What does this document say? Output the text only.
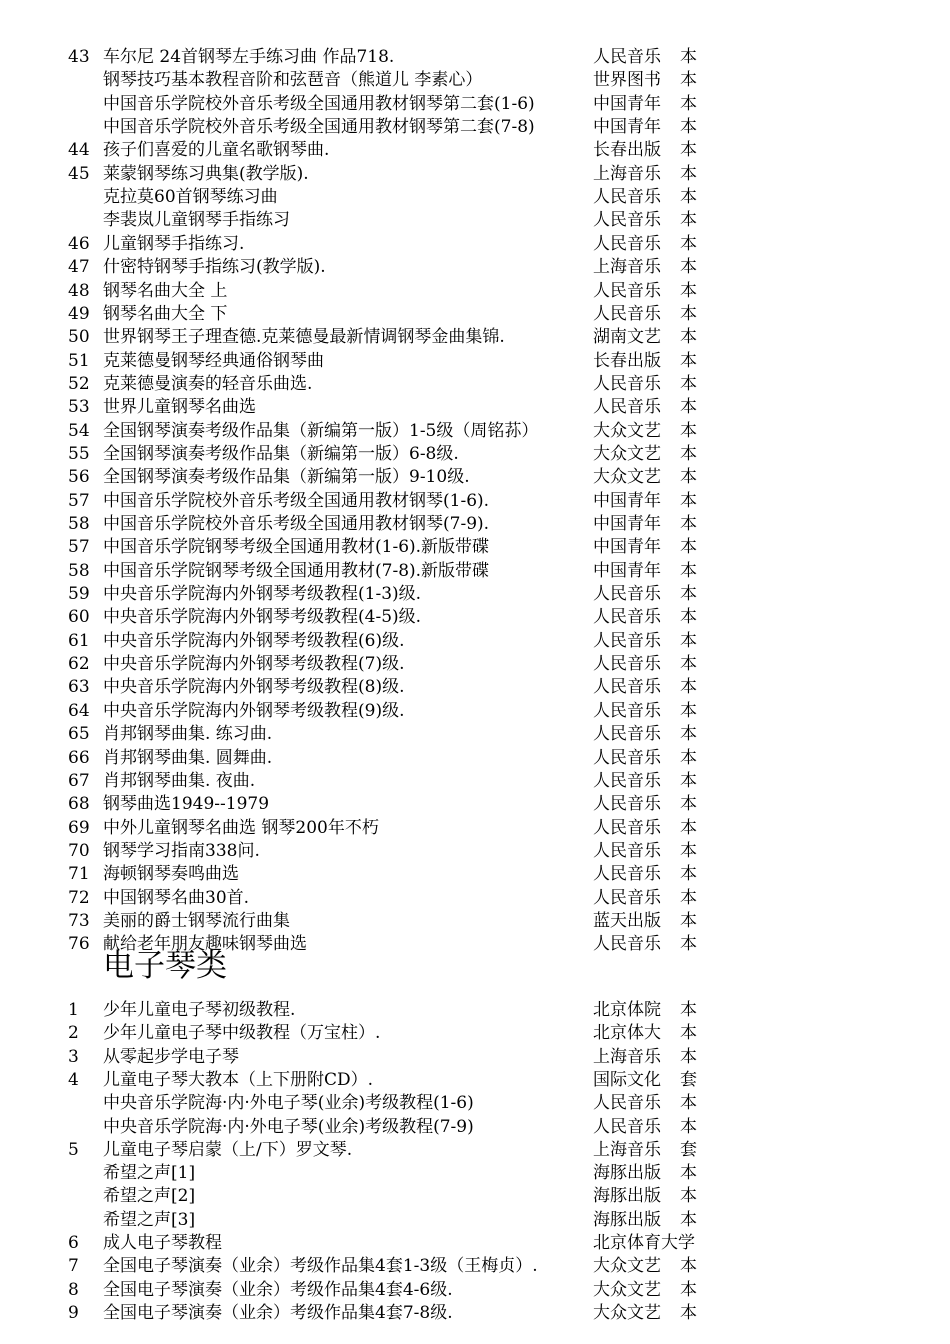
43 车尔尼 24首钢琴左手练习曲 作品718.	人民音乐 本
钢琴技巧基本教程音阶和弦琶音（熊道儿 李素心）	世界图书 本
中国音乐学院校外音乐考级全国通用教材钢琴第二套(1-6)	中国青年 本
中国音乐学院校外音乐考级全国通用教材钢琴第二套(7-8)	中国青年 本
44 孩子们喜爱的儿童名歌钢琴曲.	长春出版 本
45 莱蒙钢琴练习典集(教学版).	上海音乐 本
克拉莫60首钢琴练习曲	人民音乐 本
李裴岚儿童钢琴手指练习	人民音乐 本
46 儿童钢琴手指练习.	人民音乐 本
47 什密特钢琴手指练习(教学版).	上海音乐 本
48 钢琴名曲大全 上	人民音乐 本
49 钢琴名曲大全 下	人民音乐 本
50 世界钢琴王子理查德.克莱德曼最新情调钢琴金曲集锦.	湖南文艺 本
51 克莱德曼钢琴经典通俗钢琴曲	长春出版 本
52 克莱德曼演奏的轻音乐曲选.	人民音乐 本
53 世界儿童钢琴名曲选	人民音乐 本
54 全国钢琴演奏考级作品集（新编第一版）1-5级（周铭荪）	大众文艺 本
55 全国钢琴演奏考级作品集（新编第一版）6-8级.	大众文艺 本
56 全国钢琴演奏考级作品集（新编第一版）9-10级.	大众文艺 本
57 中国音乐学院校外音乐考级全国通用教材钢琴(1-6).	中国青年 本
58 中国音乐学院校外音乐考级全国通用教材钢琴(7-9).	中国青年 本
57 中国音乐学院钢琴考级全国通用教材(1-6).新版带碟	中国青年 本
58 中国音乐学院钢琴考级全国通用教材(7-8).新版带碟	中国青年 本
59 中央音乐学院海内外钢琴考级教程(1-3)级.	人民音乐 本
60 中央音乐学院海内外钢琴考级教程(4-5)级.	人民音乐 本
61 中央音乐学院海内外钢琴考级教程(6)级.	人民音乐 本
62 中央音乐学院海内外钢琴考级教程(7)级.	人民音乐 本
63 中央音乐学院海内外钢琴考级教程(8)级.	人民音乐 本
64 中央音乐学院海内外钢琴考级教程(9)级.	人民音乐 本
65 肖邦钢琴曲集. 练习曲.	人民音乐 本
66 肖邦钢琴曲集. 圆舞曲.	人民音乐 本
67 肖邦钢琴曲集. 夜曲.	人民音乐 本
68 钢琴曲选1949--1979	人民音乐 本
69 中外儿童钢琴名曲选 钢琴200年不朽	人民音乐 本
70 钢琴学习指南338问.	人民音乐 本
71 海顿钢琴奏鸣曲选	人民音乐 本
72 中国钢琴名曲30首.	人民音乐 本
73 美丽的爵士钢琴流行曲集	蓝天出版 本
76 献给老年朋友趣味钢琴曲选	人民音乐 本
电子琴类
1	少年儿童电子琴初级教程.	北京体院 本
2	少年儿童电子琴中级教程（万宝柱）.	北京体大 本
3	从零起步学电子琴	上海音乐 本
4	儿童电子琴大教本（上下册附CD）.	国际文化 套
中央音乐学院海·内·外电子琴(业余)考级教程(1-6)	人民音乐 本
中央音乐学院海·内·外电子琴(业余)考级教程(7-9)	人民音乐 本
5	儿童电子琴启蒙（上/下）罗文琴.	上海音乐 套
希望之声[1]	海豚出版 本
希望之声[2]	海豚出版 本
希望之声[3]	海豚出版 本
6	成人电子琴教程	北京体育大学
7	全国电子琴演奏（业余）考级作品集4套1-3级（王梅贞）.	大众文艺 本
8	全国电子琴演奏（业余）考级作品集4套4-6级.	大众文艺 本
9	全国电子琴演奏（业余）考级作品集4套7-8级.	大众文艺 本
